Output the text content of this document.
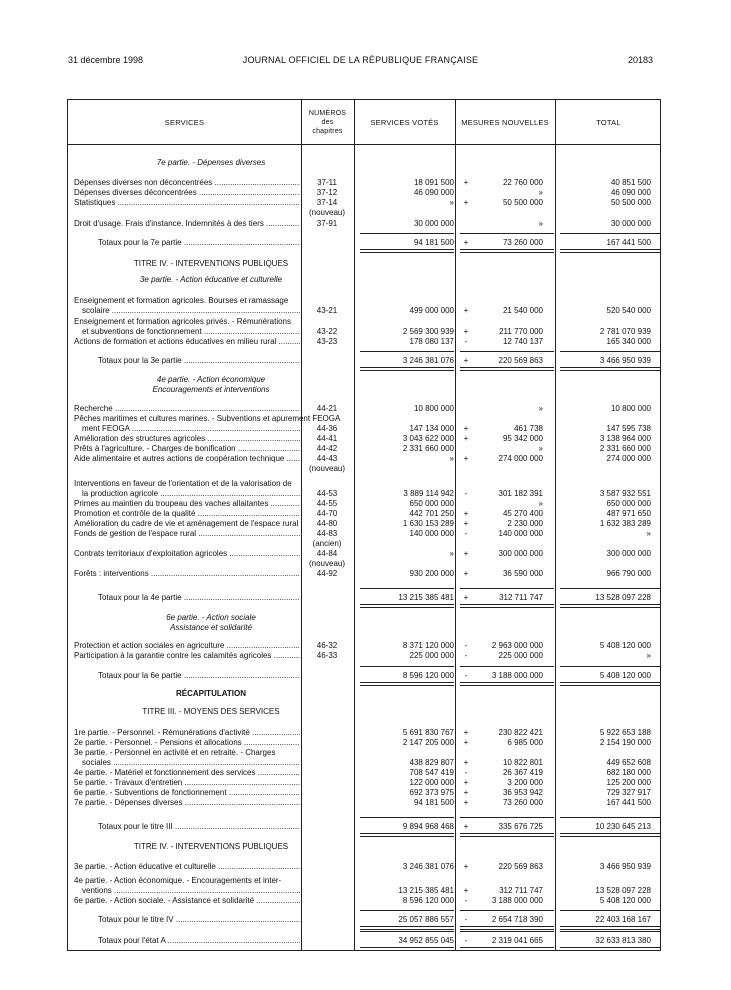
31 décembre 1998	JOURNAL OFFICIEL DE LA RÉPUBLIQUE FRANÇAISE	20183
SERVICES
NUMÉROS
des
chapitres
SERVICES VOTÉS	MESURES NOUVELLES	TOTAL
7e partie. - Dépenses diverses
Dépenses diverses non déconcentrées .....	37-11	18 091 500	+	22 760 000	40 851 500
Dépenses diverses déconcentrées .....	37-12	46 090 000	»	46 090 000
Statistiques .....	37-14	»	+	50 500 000	50 500 000
(nouveau)
Droit d'usage. Frais d'instance. Indemnités à des tiers .....	37-91	30 000 000	»	30 000 000
Totaux pour la 7e partie .....	94 181 500	+	73 260 000	167 441 500
TITRE IV. - INTERVENTIONS PUBLIQUES
3e partie. - Action éducative et culturelle
Enseignement et formation agricoles. Bourses et ramassage
scolaire .....	43-21	499 000 000	+	21 540 000	520 540 000
Enseignement et formation agricoles privés. - Rémunérations
et subventions de fonctionnement .....	43-22	2 569 300 939	+	211 770 000	2 781 070 939
Actions de formation et actions éducatives en milieu rural .....	43-23	178 080 137	-	12 740 137	165 340 000
Totaux pour la 3e partie .....	3 246 381 076	+	220 569 863	3 466 950 939
4e partie. - Action économique
Encouragements et interventions
Recherche .....	44-21	10 800 000	»	10 800 000
Pêches maritimes et cultures marines. - Subventions et apurement FEOGA
ment FEOGA .....	44-36	147 134 000	+	461 738	147 595 738
Amélioration des structures agricoles .....	44-41	3 043 622 000	+	95 342 000	3 138 964 000
Prêts à l'agriculture. - Charges de bonification .....	44-42	2 331 660 000	»	2 331 660 000
Aide alimentaire et autres actions de coopération technique .....	44-43	»	+	274 000 000	274 000 000
(nouveau)
Interventions en faveur de l'orientation et de la valorisation de
la production agricole .....	44-53	3 889 114 942	-	301 182 391	3 587 932 551
Primes au maintien du troupeau des vaches allaitantes .....	44-55	650 000 000	»	650 000 000
Promotion et contrôle de la qualité .....	44-70	442 701 250	+	45 270 400	487 971 650
Amélioration du cadre de vie et aménagement de l'espace rural .....	44-80	1 630 153 289	+	2 230 000	1 632 383 289
Fonds de gestion de l'espace rural .....	44-83	140 000 000	-	140 000 000	»
(ancien)
Contrats territoriaux d'exploitation agricoles .....	44-84	»	+	300 000 000	300 000 000
(nouveau)
Forêts : interventions .....	44-92	930 200 000	+	36 590 000	966 790 000
Totaux pour la 4e partie .....	13 215 385 481	+	312 711 747	13 528 097 228
6e partie. - Action sociale
Assistance et solidarité
Protection et action sociales en agriculture .....	46-32	8 371 120 000	-	2 963 000 000	5 408 120 000
Participation à la garantie contre les calamités agricoles .....	46-33	225 000 000	-	225 000 000	»
Totaux pour la 6e partie .....	8 596 120 000	-	3 188 000 000	5 408 120 000
RÉCAPITULATION
TITRE III. - MOYENS DES SERVICES
1re partie. - Personnel. - Rémunérations d'activité .....	5 691 830 767	+	230 822 421	5 922 653 188
2e partie. - Personnel. - Pensions et allocations .....	2 147 205 000	+	6 985 000	2 154 190 000
3e partie. - Personnel en activité et en retraite. - Charges
sociales .....	438 829 807	+	10 822 801	449 652 608
4e partie. - Matériel et fonctionnement des services .....	708 547 419	-	26 367 419	682 180 000
5e partie. - Travaux d'entretien .....	122 000 000	+	3 200 000	125 200 000
6e partie. - Subventions de fonctionnement .....	692 373 975	+	36 953 942	729 327 917
7e partie. - Dépenses diverses .....	94 181 500	+	73 260 000	167 441 500
Totaux pour le titre III .....	9 894 968 468	+	335 676 725	10 230 645 213
TITRE IV. - INTERVENTIONS PUBLIQUES
3e partie. - Action éducative et culturelle .....	3 246 381 076	+	220 569 863	3 466 950 939
4e partie. - Action économique. - Encouragements et inter-
ventions .....	13 215 385 481	+	312 711 747	13 528 097 228
6e partie. - Action sociale. - Assistance et solidarité .....	8 596 120 000	-	3 188 000 000	5 408 120 000
Totaux pour le titre IV .....	25 057 886 557	-	2 654 718 390	22 403 168 167
Totaux pour l'état A .....	34 952 855 045	-	2 319 041 665	32 633 813 380
